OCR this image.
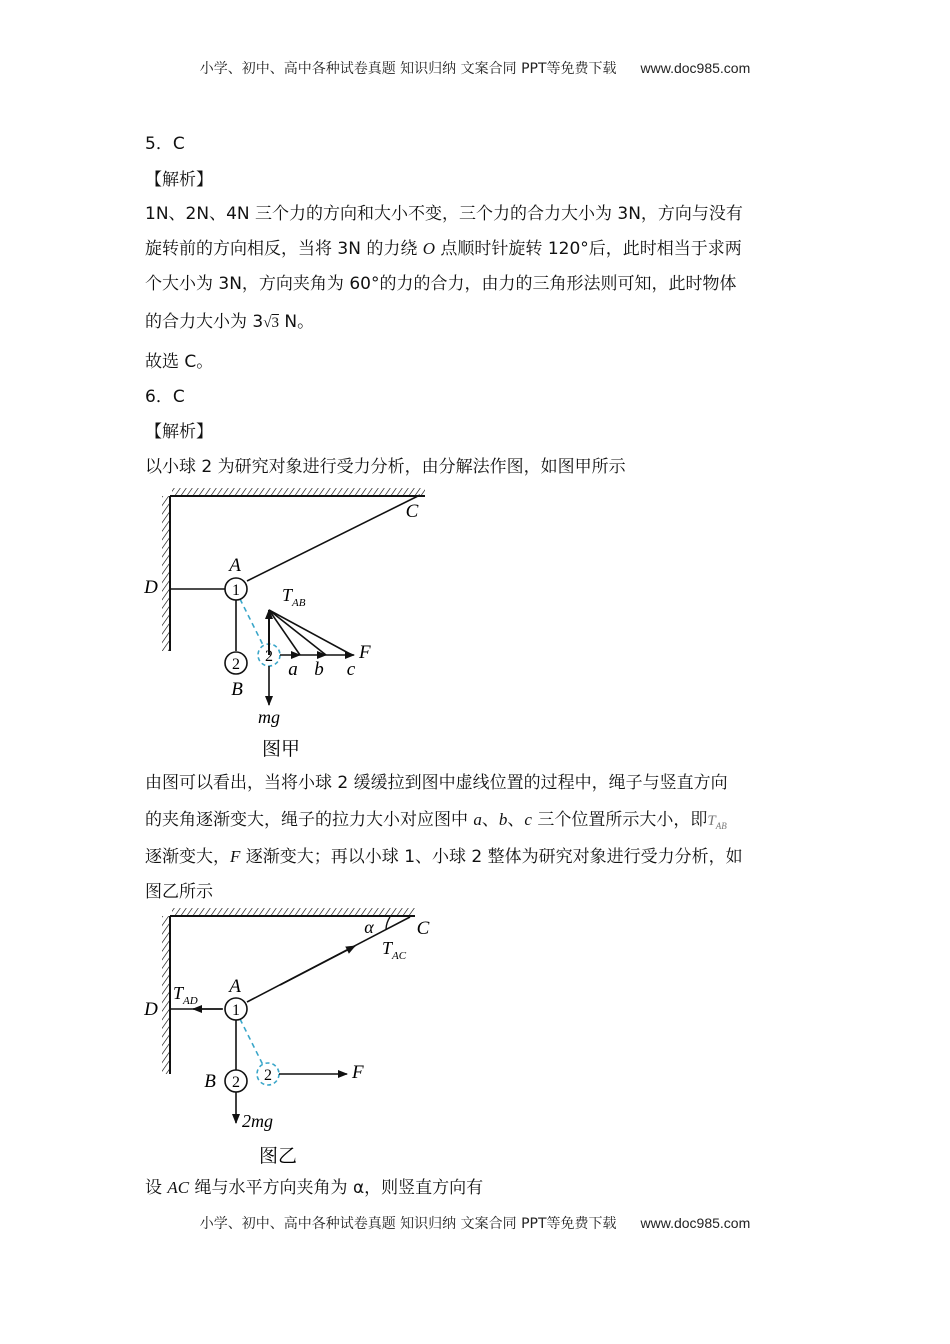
小学、初中、高中各种试卷真题 知识归纳 文案合同 PPT等免费下载 www.doc985.com
5．C
【解析】
1N、2N、4N 三个力的方向和大小不变，三个力的合力大小为 3N，方向与没有
旋转前的方向相反，当将 3N 的力绕 O 点顺时针旋转 120°后，此时相当于求两
个大小为 3N，方向夹角为 60°的力的合力，由力的三角形法则可知，此时物体
的合力大小为 3√3 N。
故选 C。
6．C
【解析】
以小球 2 为研究对象进行受力分析，由分解法作图，如图甲所示
1
2 2
A
B
C
D	$T_{AB}$
a b c
F
mg
图甲
由图可以看出，当将小球 2 缓缓拉到图中虚线位置的过程中，绳子与竖直方向
的夹角逐渐变大，绳子的拉力大小对应图中 a、b、c 三个位置所示大小，即$T_{AB}$
逐渐变大，F 逐渐变大；再以小球 1、小球 2 整体为研究对象进行受力分析，如
图乙所示
1
2 2
A
B
C
D
α
$T_{AC}$
$T_{AD}$
F
2mg
图乙
设 AC 绳与水平方向夹角为 α，则竖直方向有
小学、初中、高中各种试卷真题 知识归纳 文案合同 PPT等免费下载 www.doc985.com
